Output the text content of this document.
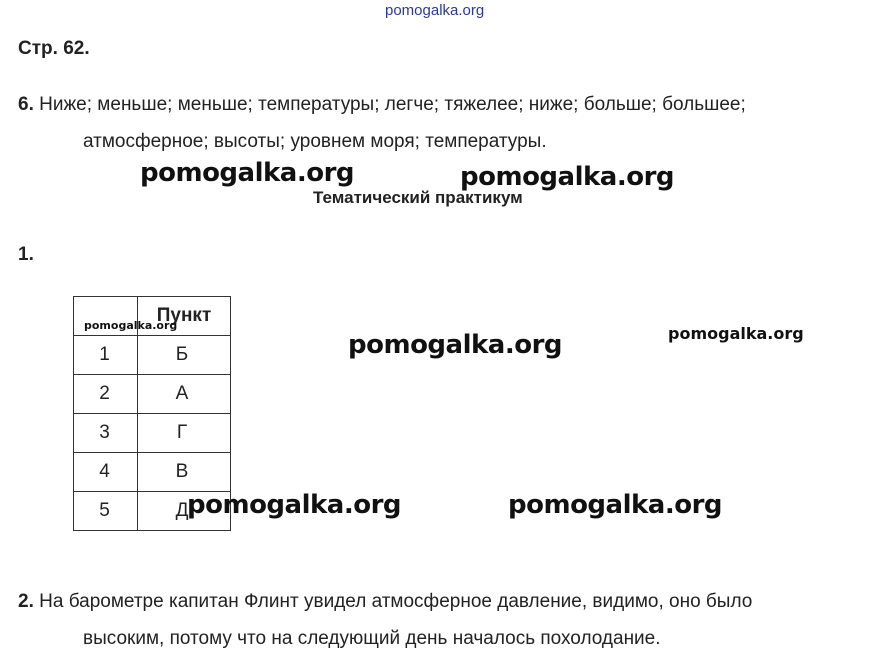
pomogalka.org
Стр. 62.
6. Ниже; меньше; меньше; температуры; легче; тяжелее; ниже; больше; большее;
атмосферное; высоты; уровнем моря; температуры.
pomogalka.org	pomogalka.org
Тематический практикум
1.
	Пункт
1	Б
2	А
3	Г
4	В
5	Д
pomogalka.org
pomogalka.org	pomogalka.org
pomogalka.org	pomogalka.org
2. На барометре капитан Флинт увидел атмосферное давление, видимо, оно было
высоким, потому что на следующий день началось похолодание.
